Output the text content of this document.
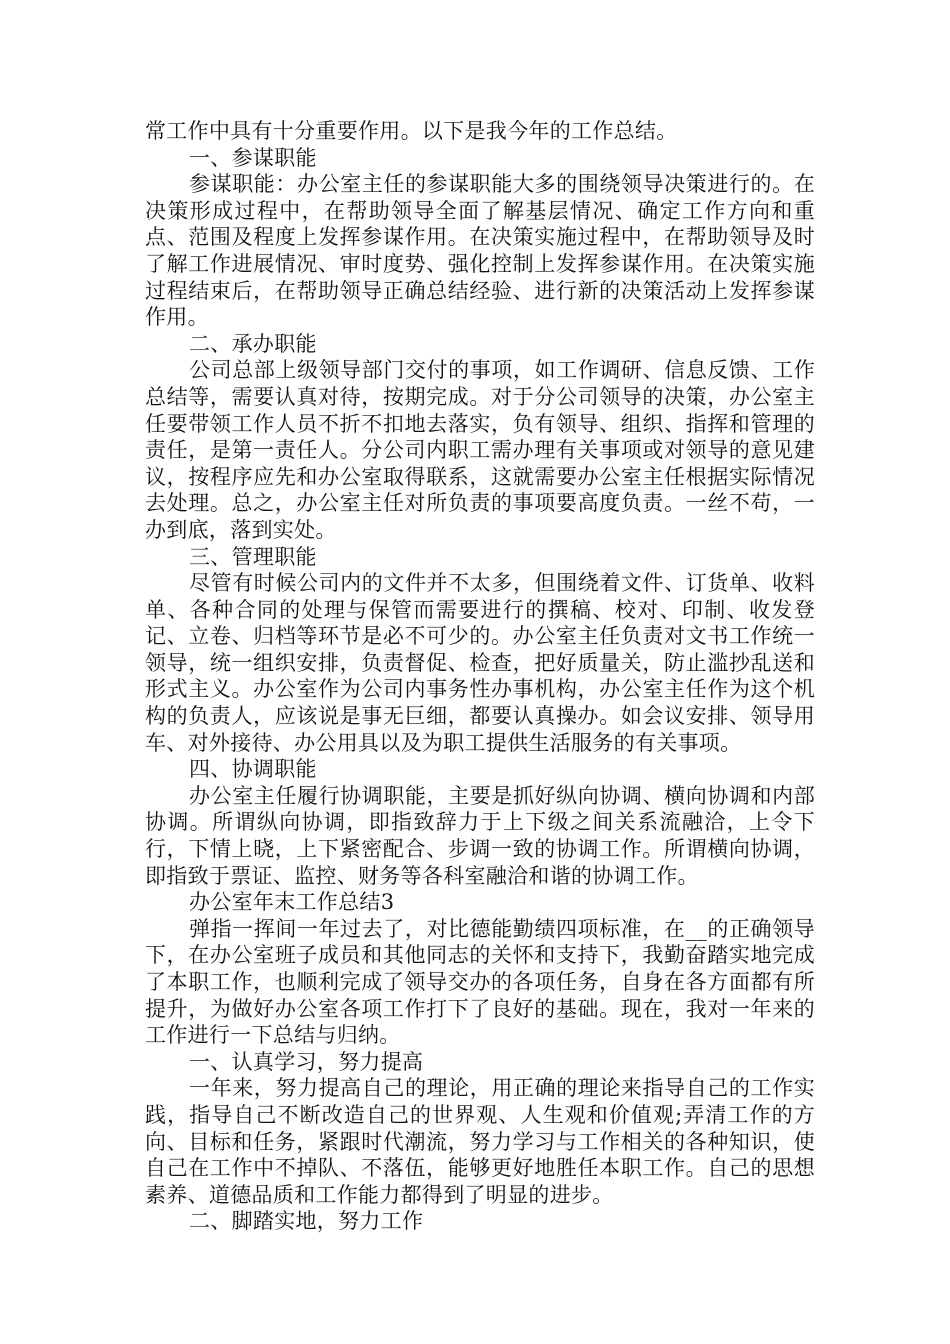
常工作中具有十分重要作用。以下是我今年的工作总结。

一、参谋职能

参谋职能：办公室主任的参谋职能大多的围绕领导决策进行的。在决策形成过程中，在帮助领导全面了解基层情况、确定工作方向和重点、范围及程度上发挥参谋作用。在决策实施过程中，在帮助领导及时了解工作进展情况、审时度势、强化控制上发挥参谋作用。在决策实施过程结束后，在帮助领导正确总结经验、进行新的决策活动上发挥参谋作用。

二、承办职能

公司总部上级领导部门交付的事项，如工作调研、信息反馈、工作总结等，需要认真对待，按期完成。对于分公司领导的决策，办公室主任要带领工作人员不折不扣地去落实，负有领导、组织、指挥和管理的责任，是第一责任人。分公司内职工需办理有关事项或对领导的意见建议，按程序应先和办公室取得联系，这就需要办公室主任根据实际情况去处理。总之，办公室主任对所负责的事项要高度负责。一丝不苟，一办到底，落到实处。

三、管理职能

尽管有时候公司内的文件并不太多，但围绕着文件、订货单、收料单、各种合同的处理与保管而需要进行的撰稿、校对、印制、收发登记、立卷、归档等环节是必不可少的。办公室主任负责对文书工作统一领导，统一组织安排，负责督促、检查，把好质量关，防止滥抄乱送和形式主义。办公室作为公司内事务性办事机构，办公室主任作为这个机构的负责人，应该说是事无巨细，都要认真操办。如会议安排、领导用车、对外接待、办公用具以及为职工提供生活服务的有关事项。

四、协调职能

办公室主任履行协调职能，主要是抓好纵向协调、横向协调和内部协调。所谓纵向协调，即指致辞力于上下级之间关系流融洽，上令下行，下情上晓，上下紧密配合、步调一致的协调工作。所谓横向协调，即指致于票证、监控、财务等各科室融洽和谐的协调工作。

办公室年末工作总结3

弹指一挥间一年过去了，对比德能勤绩四项标准，在__的正确领导下，在办公室班子成员和其他同志的关怀和支持下，我勤奋踏实地完成了本职工作，也顺利完成了领导交办的各项任务，自身在各方面都有所提升，为做好办公室各项工作打下了良好的基础。现在，我对一年来的工作进行一下总结与归纳。

一、认真学习，努力提高

一年来，努力提高自己的理论，用正确的理论来指导自己的工作实践，指导自己不断改造自己的世界观、人生观和价值观;弄清工作的方向、目标和任务，紧跟时代潮流，努力学习与工作相关的各种知识，使自己在工作中不掉队、不落伍，能够更好地胜任本职工作。自己的思想素养、道德品质和工作能力都得到了明显的进步。

二、脚踏实地，努力工作
